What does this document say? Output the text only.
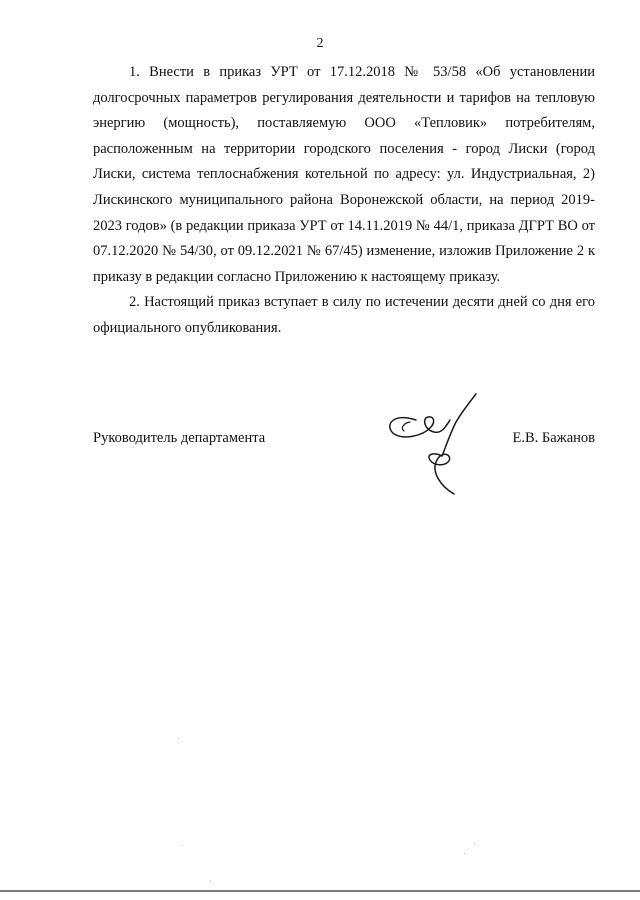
2

1. Внести в приказ УРТ от 17.12.2018 № 53/58 «Об установлении долгосрочных параметров регулирования деятельности и тарифов на тепловую энергию (мощность), поставляемую ООО «Тепловик» потребителям, расположенным на территории городского поселения - город Лиски (город Лиски, система теплоснабжения котельной по адресу: ул. Индустриальная, 2) Лискинского муниципального района Воронежской области, на период 2019-2023 годов» (в редакции приказа УРТ от 14.11.2019 № 44/1, приказа ДГРТ ВО от 07.12.2020 № 54/30, от 09.12.2021 № 67/45) изменение, изложив Приложение 2 к приказу в редакции согласно Приложению к настоящему приказу.

2. Настоящий приказ вступает в силу по истечении десяти дней со дня его официального опубликования.

Руководитель департамента	Е.В. Бажанов
